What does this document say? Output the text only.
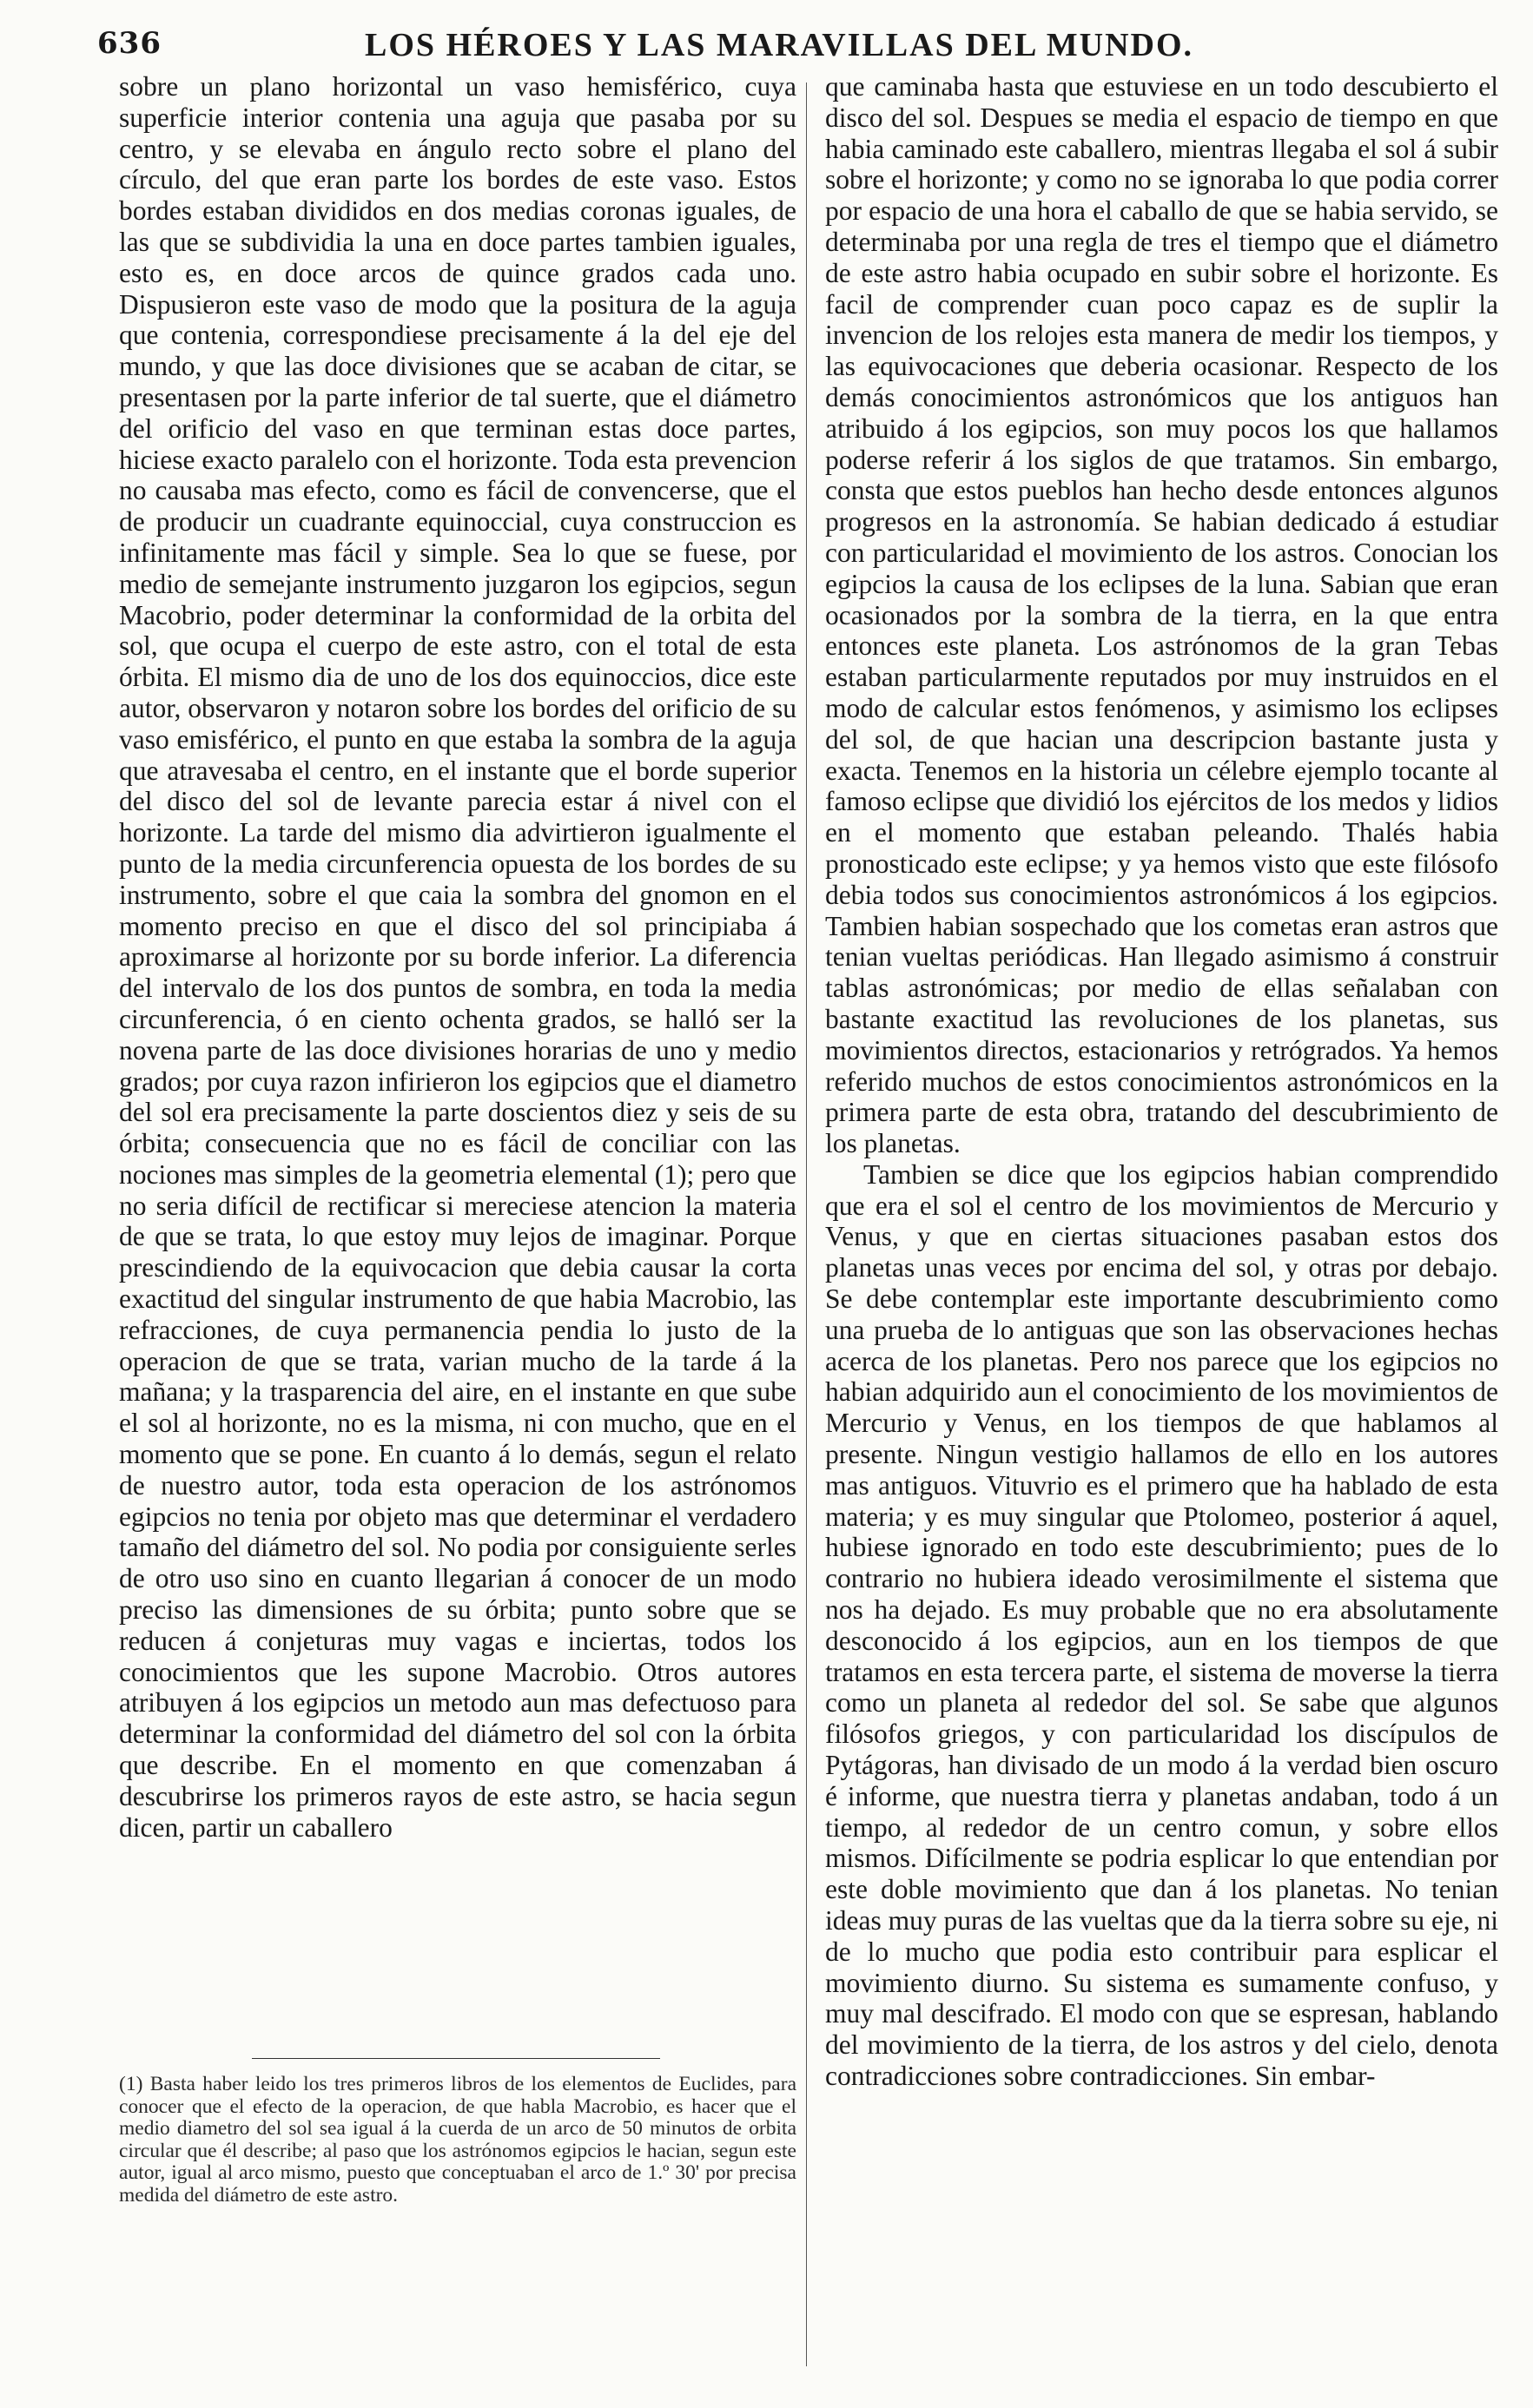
636	LOS HÉROES Y LAS MARAVILLAS DEL MUNDO.

sobre un plano horizontal un vaso hemisférico, cuya superficie interior contenia una aguja que pasaba por su centro, y se elevaba en ángulo recto sobre el plano del círculo, del que eran parte los bordes de este vaso. Estos bordes estaban divididos en dos medias coronas iguales, de las que se subdividia la una en doce partes tambien iguales, esto es, en doce arcos de quince grados cada uno. Dispusieron este vaso de modo que la positura de la aguja que contenia, correspondiese precisamente á la del eje del mundo, y que las doce divisiones que se acaban de citar, se presentasen por la parte inferior de tal suerte, que el diámetro del orificio del vaso en que terminan estas doce partes, hiciese exacto paralelo con el horizonte. Toda esta prevencion no causaba mas efecto, como es fácil de convencerse, que el de producir un cuadrante equinoccial, cuya construccion es infinitamente mas fácil y simple. Sea lo que se fuese, por medio de semejante instrumento juzgaron los egipcios, segun Macobrio, poder determinar la conformidad de la orbita del sol, que ocupa el cuerpo de este astro, con el total de esta órbita. El mismo dia de uno de los dos equinoccios, dice este autor, observaron y notaron sobre los bordes del orificio de su vaso emisférico, el punto en que estaba la sombra de la aguja que atravesaba el centro, en el instante que el borde superior del disco del sol de levante parecia estar á nivel con el horizonte. La tarde del mismo dia advirtieron igualmente el punto de la media circunferencia opuesta de los bordes de su instrumento, sobre el que caia la sombra del gnomon en el momento preciso en que el disco del sol principiaba á aproximarse al horizonte por su borde inferior. La diferencia del intervalo de los dos puntos de sombra, en toda la media circunferencia, ó en ciento ochenta grados, se halló ser la novena parte de las doce divisiones horarias de uno y medio grados; por cuya razon infirieron los egipcios que el diametro del sol era precisamente la parte doscientos diez y seis de su órbita; consecuencia que no es fácil de conciliar con las nociones mas simples de la geometria elemental (1); pero que no seria difícil de rectificar si mereciese atencion la materia de que se trata, lo que estoy muy lejos de imaginar. Porque prescindiendo de la equivocacion que debia causar la corta exactitud del singular instrumento de que habia Macrobio, las refracciones, de cuya permanencia pendia lo justo de la operacion de que se trata, varian mucho de la tarde á la mañana; y la trasparencia del aire, en el instante en que sube el sol al horizonte, no es la misma, ni con mucho, que en el momento que se pone. En cuanto á lo demás, segun el relato de nuestro autor, toda esta operacion de los astrónomos egipcios no tenia por objeto mas que determinar el verdadero tamaño del diámetro del sol. No podia por consiguiente serles de otro uso sino en cuanto llegarian á conocer de un modo preciso las dimensiones de su órbita; punto sobre que se reducen á conjeturas muy vagas e inciertas, todos los conocimientos que les supone Macrobio. Otros autores atribuyen á los egipcios un metodo aun mas defectuoso para determinar la conformidad del diámetro del sol con la órbita que describe. En el momento en que comenzaban á descubrirse los primeros rayos de este astro, se hacia segun dicen, partir un caballero

que caminaba hasta que estuviese en un todo descubierto el disco del sol. Despues se media el espacio de tiempo en que habia caminado este caballero, mientras llegaba el sol á subir sobre el horizonte; y como no se ignoraba lo que podia correr por espacio de una hora el caballo de que se habia servido, se determinaba por una regla de tres el tiempo que el diámetro de este astro habia ocupado en subir sobre el horizonte. Es facil de comprender cuan poco capaz es de suplir la invencion de los relojes esta manera de medir los tiempos, y las equivocaciones que deberia ocasionar. Respecto de los demás conocimientos astronómicos que los antiguos han atribuido á los egipcios, son muy pocos los que hallamos poderse referir á los siglos de que tratamos. Sin embargo, consta que estos pueblos han hecho desde entonces algunos progresos en la astronomía. Se habian dedicado á estudiar con particularidad el movimiento de los astros. Conocian los egipcios la causa de los eclipses de la luna. Sabian que eran ocasionados por la sombra de la tierra, en la que entra entonces este planeta. Los astrónomos de la gran Tebas estaban particularmente reputados por muy instruidos en el modo de calcular estos fenómenos, y asimismo los eclipses del sol, de que hacian una descripcion bastante justa y exacta. Tenemos en la historia un célebre ejemplo tocante al famoso eclipse que dividió los ejércitos de los medos y lidios en el momento que estaban peleando. Thalés habia pronosticado este eclipse; y ya hemos visto que este filósofo debia todos sus conocimientos astronómicos á los egipcios. Tambien habian sospechado que los cometas eran astros que tenian vueltas periódicas. Han llegado asimismo á construir tablas astronómicas; por medio de ellas señalaban con bastante exactitud las revoluciones de los planetas, sus movimientos directos, estacionarios y retrógrados. Ya hemos referido muchos de estos conocimientos astronómicos en la primera parte de esta obra, tratando del descubrimiento de los planetas.

Tambien se dice que los egipcios habian comprendido que era el sol el centro de los movimientos de Mercurio y Venus, y que en ciertas situaciones pasaban estos dos planetas unas veces por encima del sol, y otras por debajo. Se debe contemplar este importante descubrimiento como una prueba de lo antiguas que son las observaciones hechas acerca de los planetas. Pero nos parece que los egipcios no habian adquirido aun el conocimiento de los movimientos de Mercurio y Venus, en los tiempos de que hablamos al presente. Ningun vestigio hallamos de ello en los autores mas antiguos. Vituvrio es el primero que ha hablado de esta materia; y es muy singular que Ptolomeo, posterior á aquel, hubiese ignorado en todo este descubrimiento; pues de lo contrario no hubiera ideado verosimilmente el sistema que nos ha dejado. Es muy probable que no era absolutamente desconocido á los egipcios, aun en los tiempos de que tratamos en esta tercera parte, el sistema de moverse la tierra como un planeta al rededor del sol. Se sabe que algunos filósofos griegos, y con particularidad los discípulos de Pytágoras, han divisado de un modo á la verdad bien oscuro é informe, que nuestra tierra y planetas andaban, todo á un tiempo, al rededor de un centro comun, y sobre ellos mismos. Difícilmente se podria esplicar lo que entendian por este doble movimiento que dan á los planetas. No tenian ideas muy puras de las vueltas que da la tierra sobre su eje, ni de lo mucho que podia esto contribuir para esplicar el movimiento diurno. Su sistema es sumamente confuso, y muy mal descifrado. El modo con que se espresan, hablando del movimiento de la tierra, de los astros y del cielo, denota contradicciones sobre contradicciones. Sin embar-

(1) Basta haber leido los tres primeros libros de los elementos de Euclides, para conocer que el efecto de la operacion, de que habla Macrobio, es hacer que el medio diametro del sol sea igual á la cuerda de un arco de 50 minutos de orbita circular que él describe; al paso que los astrónomos egipcios le hacian, segun este autor, igual al arco mismo, puesto que conceptuaban el arco de 1.º 30' por precisa medida del diámetro de este astro.
